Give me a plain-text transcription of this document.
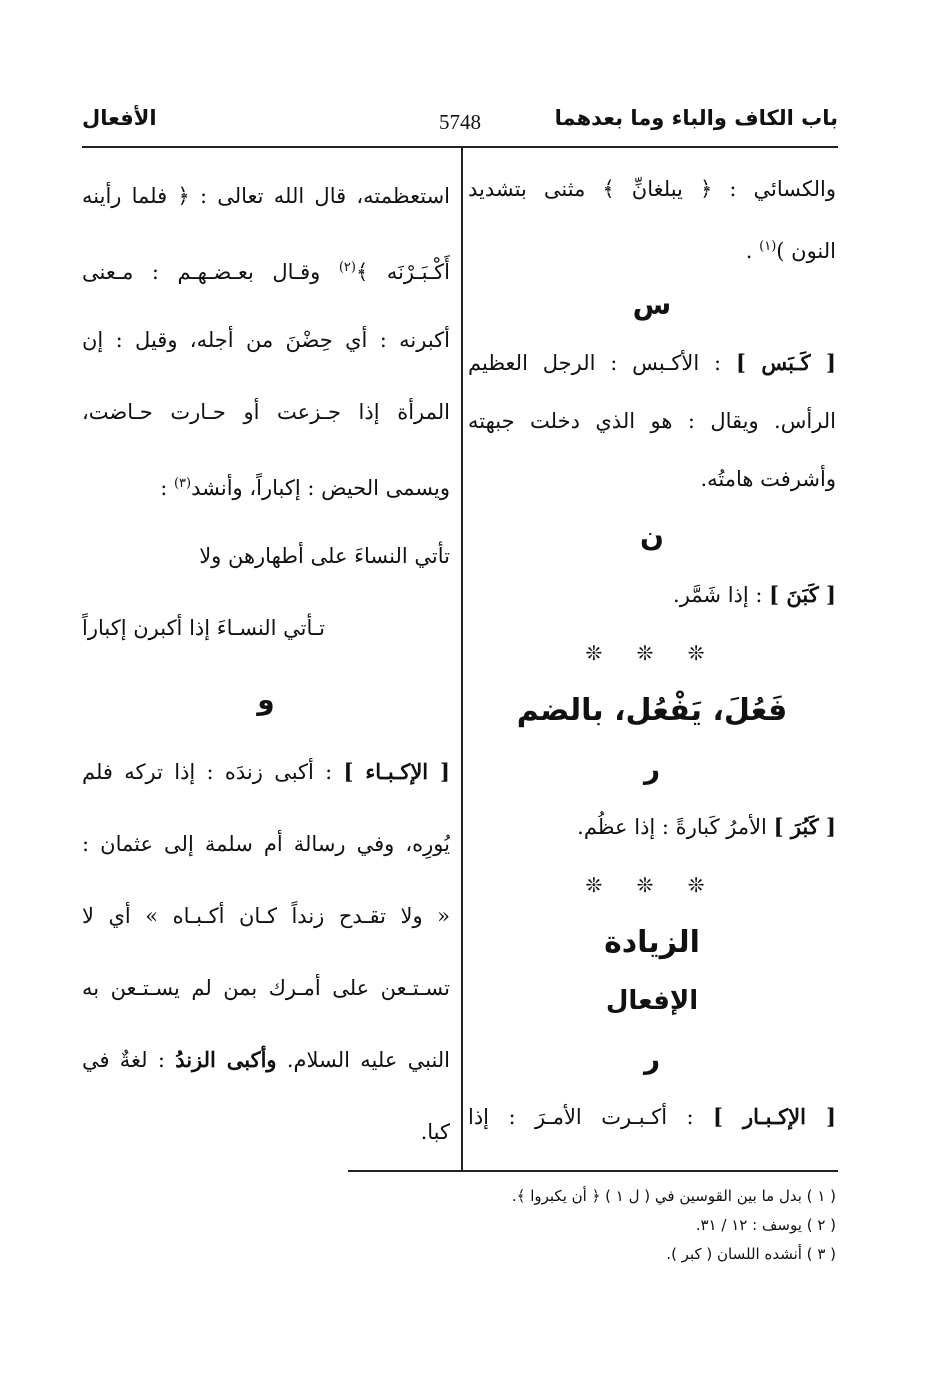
باب الكاف والباء وما بعدهما
5748
الأفعال
والكسائي : ﴿ يبلغانِّ ﴾ مثنى بتشديد
النون )$^{(١)}$ .
س
[ كَـبَس ] : الأكـبس : الرجل العظيم
الرأس. ويقال : هو الذي دخلت جبهته
وأشرفت هامتُه.
ن
[ كَبَنَ ] : إذا شَمَّر.
❊ ❊ ❊
فَعُلَ، يَفْعُل، بالضم
ر
[ كَبُرَ ] الأمرُ كَبارةً : إذا عظُم.
❊ ❊ ❊
الزيادة
الإفعال
ر
[ الإكـبـار ] : أكـبـرت الأمـرَ : إذا
استعظمته، قال الله تعالى : ﴿ فلما رأينه
أَكْـبَـرْنَه ﴾$^{(٢)}$ وقـال بعـضـهـم : مـعنى
أكبرنه : أي حِضْنَ من أجله، وقيل : إن
المرأة إذا جـزعت أو حـارت حـاضت،
ويسمى الحيض : إكباراً، وأنشد$^{(٣)}$ :
تأتي النساءَ على أطهارهن ولا
تـأتي النسـاءَ إذا أكبرن إكباراً
و
[ الإكـبـاء ] : أكبى زندَه : إذا تركه فلم
يُورِه، وفي رسالة أم سلمة إلى عثمان :
« ولا تقـدح زنداً كـان أكـبـاه » أي لا
تسـتـعن على أمـرك بمن لم يسـتـعن به
النبي عليه السلام. وأكبى الزندُ : لغةٌ في
كبا.
( ١ ) بدل ما بين القوسين في ( ل ١ ) ﴿ أن يكبروا ﴾.
( ٢ ) يوسف : ١٢ / ٣١.
( ٣ ) أنشده اللسان ( كبر ).
